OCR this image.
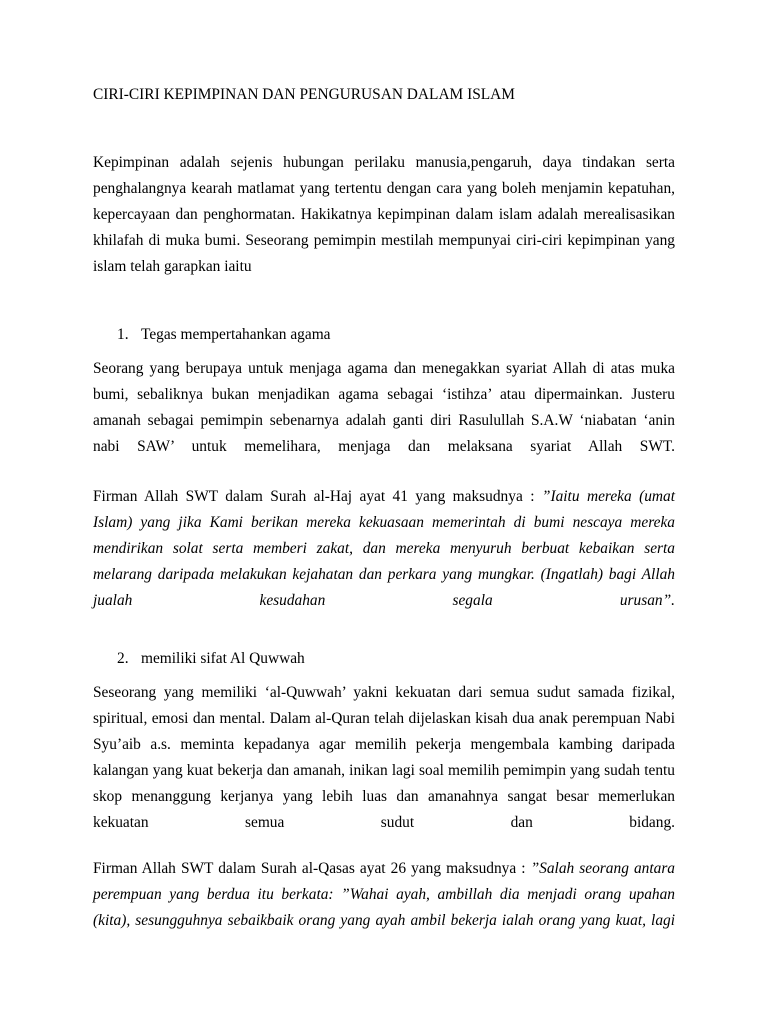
CIRI-CIRI KEPIMPINAN DAN PENGURUSAN DALAM ISLAM
Kepimpinan adalah sejenis hubungan perilaku manusia,pengaruh, daya tindakan serta
penghalangnya kearah matlamat yang tertentu dengan cara yang boleh menjamin kepatuhan,
kepercayaan dan penghormatan. Hakikatnya kepimpinan dalam islam adalah merealisasikan
khilafah di muka bumi. Seseorang pemimpin mestilah mempunyai ciri-ciri kepimpinan yang
islam telah garapkan iaitu
1. Tegas mempertahankan agama
Seorang yang berupaya untuk menjaga agama dan menegakkan syariat Allah di atas muka
bumi, sebaliknya bukan menjadikan agama sebagai ‘istihza’ atau dipermainkan. Justeru
amanah sebagai pemimpin sebenarnya adalah ganti diri Rasulullah S.A.W ‘niabatan ‘anin
nabi SAW’ untuk memelihara, menjaga dan melaksana syariat Allah SWT.
Firman Allah SWT dalam Surah al-Haj ayat 41 yang maksudnya : ”Iaitu mereka (umat
Islam) yang jika Kami berikan mereka kekuasaan memerintah di bumi nescaya mereka
mendirikan solat serta memberi zakat, dan mereka menyuruh berbuat kebaikan serta
melarang daripada melakukan kejahatan dan perkara yang mungkar. (Ingatlah) bagi Allah
jualah kesudahan segala urusan”.
2. memiliki sifat Al Quwwah
Seseorang yang memiliki ‘al-Quwwah’ yakni kekuatan dari semua sudut samada fizikal,
spiritual, emosi dan mental. Dalam al-Quran telah dijelaskan kisah dua anak perempuan Nabi
Syu’aib a.s. meminta kepadanya agar memilih pekerja mengembala kambing daripada
kalangan yang kuat bekerja dan amanah, inikan lagi soal memilih pemimpin yang sudah tentu
skop menanggung kerjanya yang lebih luas dan amanahnya sangat besar memerlukan
kekuatan semua sudut dan bidang.
Firman Allah SWT dalam Surah al-Qasas ayat 26 yang maksudnya : ”Salah seorang antara
perempuan yang berdua itu berkata: ”Wahai ayah, ambillah dia menjadi orang upahan
(kita), sesungguhnya sebaikbaik orang yang ayah ambil bekerja ialah orang yang kuat, lagi
